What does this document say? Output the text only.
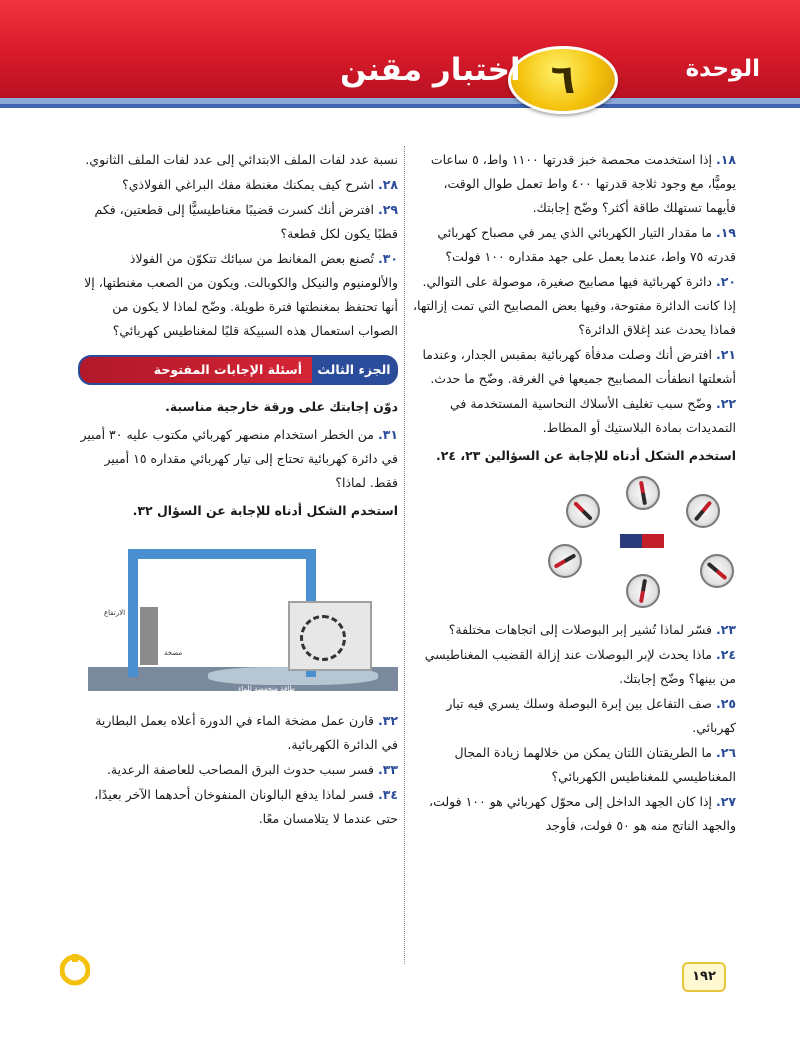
الوحدة
٦
اختبار مقنن
١٨. إذا استخدمت محمصة خبز قدرتها ١١٠٠ واط، ٥ ساعات يوميًّا، مع وجود ثلاجة قدرتها ٤٠٠ واط تعمل طوال الوقت، فأيهما تستهلك طاقة أكثر؟ وضّح إجابتك.
١٩. ما مقدار التيار الكهربائي الذي يمر في مصباح كهربائي قدرته ٧٥ واط، عندما يعمل على جهد مقداره ١٠٠ فولت؟
٢٠. دائرة كهربائية فيها مصابيح صغيرة، موصولة على التوالي. إذا كانت الدائرة مفتوحة، وفيها بعض المصابيح التي تمت إزالتها، فماذا يحدث عند إغلاق الدائرة؟
٢١. افترض أنك وصلت مدفأة كهربائية بمقبس الجدار، وعندما أشعلتها انطفأت المصابيح جميعها في الغرفة. وضّح ما حدث.
٢٢. وضّح سبب تغليف الأسلاك النحاسية المستخدمة في التمديدات بمادة البلاستيك أو المطاط.
استخدم الشكل أدناه للإجابة عن السؤالين ٢٣، ٢٤.
٢٣. فسّر لماذا تُشير إبر البوصلات إلى اتجاهات مختلفة؟
٢٤. ماذا يحدث لإبر البوصلات عند إزالة القضيب المغناطيسي من بينها؟ وضّح إجابتك.
٢٥. صف التفاعل بين إبرة البوصلة وسلك يسري فيه تيار كهربائي.
٢٦. ما الطريقتان اللتان يمكن من خلالهما زيادة المجال المغناطيسي للمغناطيس الكهربائي؟
٢٧. إذا كان الجهد الداخل إلى محوّل كهربائي هو ١٠٠ فولت، والجهد الناتج منه هو ٥٠ فولت، فأوجد
نسبة عدد لفات الملف الابتدائي إلى عدد لفات الملف الثانوي.
٢٨. اشرح كيف يمكنك مغنطة مفك البراغي الفولاذي؟
٢٩. افترض أنك كسرت قضيبًا مغناطيسيًّا إلى قطعتين، فكم قطبًا يكون لكل قطعة؟
٣٠. تُصنع بعض المغانط من سبائك تتكوّن من الفولاذ والألومنيوم والنيكل والكوبالت. ويكون من الصعب مغنطتها، إلا أنها تحتفظ بمغنطتها فترة طويلة. وضّح لماذا لا يكون من الصواب استعمال هذه السبيكة قلبًا لمغناطيس كهربائي؟
الجزء الثالث
أسئلة الإجابات المفتوحة
دوّن إجابتك على ورقة خارجية مناسبة.
٣١. من الخطر استخدام منصهر كهربائي مكتوب عليه ٣٠ أمبير في دائرة كهربائية تحتاج إلى تيار كهربائي مقداره ١٥ أمبير فقط. لماذا؟
استخدم الشكل أدناه للإجابة عن السؤال ٣٢.
طاقة عالية للماء
طاقة منخفضة للماء
الارتفاع
مضخة
٣٢. قارن عمل مضخة الماء في الدورة أعلاه بعمل البطارية في الدائرة الكهربائية.
٣٣. فسر سبب حدوث البرق المصاحب للعاصفة الرعدية.
٣٤. فسر لماذا يدفع البالونان المنفوخان أحدهما الآخر بعيدًا، حتى عندما لا يتلامسان معًا.
١٩٢
